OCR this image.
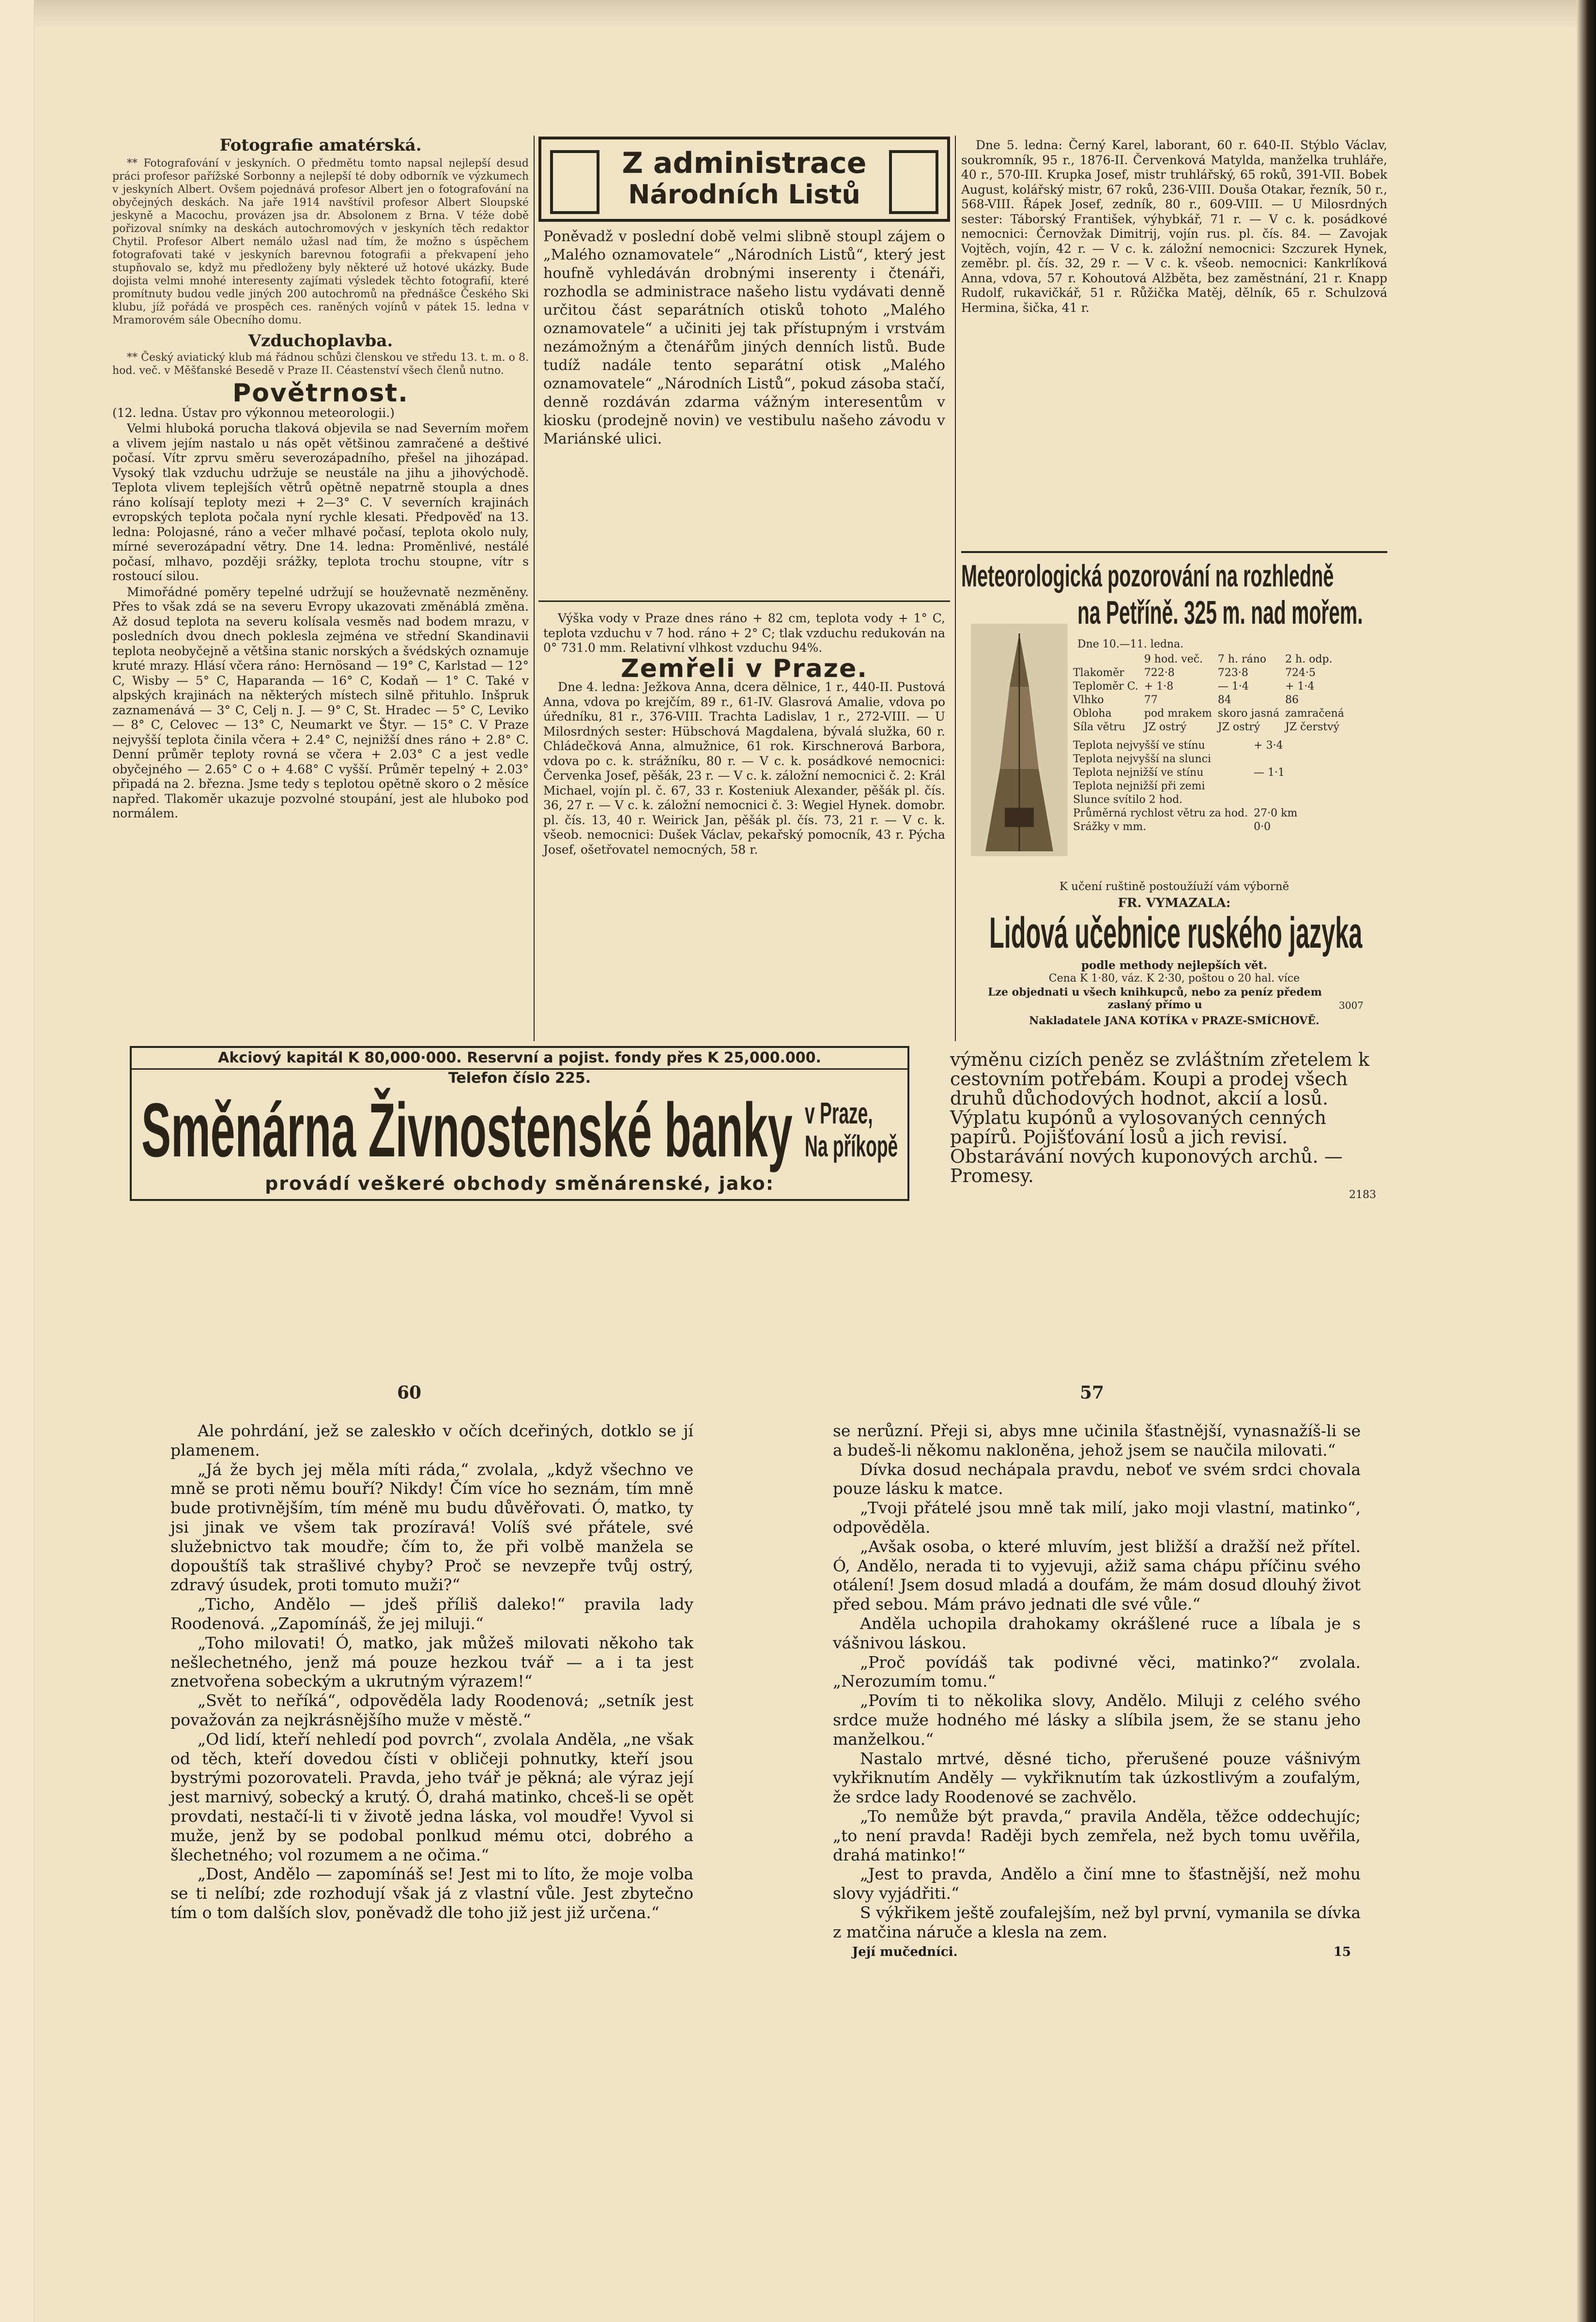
Fotografie amatérská.
** Fotografování v jeskyních. O předmětu tomto napsal nejlepší desud práci profesor pařížské Sorbonny a nejlepší té doby odborník ve výzkumech v jeskyních Albert. Ovšem pojednává profesor Albert jen o fotografování na obyčejných deskách. Na jaře 1914 navštívil profesor Albert Sloupské jeskyně a Macochu, provázen jsa dr. Absolonem z Brna. V téže době pořizoval snímky na deskách autochromových v jeskyních těch redaktor Chytil. Profesor Albert nemálo užasl nad tím, že možno s úspěchem fotografovati také v jeskyních barevnou fotografii a překvapení jeho stupňovalo se, když mu předloženy byly některé už hotové ukázky. Bude dojista velmi mnohé interesenty zajímati výsledek těchto fotografií, které promítnuty budou vedle jiných 200 autochromů na přednášce Českého Ski klubu, jíž pořádá ve prospěch ces. raněných vojínů v pátek 15. ledna v Mramorovém sále Obecního domu.
Vzduchoplavba.
** Český aviatický klub má řádnou schůzi členskou ve středu 13. t. m. o 8. hod. več. v Měšťanské Besedě v Praze II. Céastenství všech členů nutno.
Povětrnost.

(12. ledna. Ústav pro výkonnou meteorologii.)

Velmi hluboká porucha tlaková objevila se nad Severním mořem a vlivem jejím nastalo u nás opět většinou zamračené a deštivé počasí. Vítr zprvu směru severozápadního, přešel na jihozápad. Vysoký tlak vzduchu udržuje se neustále na jihu a jihovýchodě. Teplota vlivem teplejších větrů opětně nepatrně stoupla a dnes ráno kolísají teploty mezi + 2—3° C. V severních krajinách evropských teplota počala nyní rychle klesati. Předpověď na 13. ledna: Polojasné, ráno a večer mlhavé počasí, teplota okolo nuly, mírné severozápadní větry. Dne 14. ledna: Proměnlivé, nestálé počasí, mlhavo, později srážky, teplota trochu stoupne, vítr s rostoucí silou.

Mimořádné poměry tepelné udržují se houževnatě nezměněny. Přes to však zdá se na severu Evropy ukazovati změnáblá změna. Až dosud teplota na severu kolísala vesměs nad bodem mrazu, v posledních dvou dnech poklesla zejména ve střední Skandinavii teplota neobyčejně a většina stanic norských a švédských oznamuje kruté mrazy. Hlásí včera ráno: Hernösand — 19° C, Karlstad — 12° C, Wisby — 5° C, Haparanda — 16° C, Kodaň — 1° C. Také v alpských krajinách na některých místech silně přituhlo. Inšpruk zaznamenává — 3° C, Celj n. J. — 9° C, St. Hradec — 5° C, Leviko — 8° C, Celovec — 13° C, Neumarkt ve Štyr. — 15° C. V Praze nejvyšší teplota činila včera + 2.4° C, nejnižší dnes ráno + 2.8° C. Denní průměr teploty rovná se včera + 2.03° C a jest vedle obyčejného — 2.65° C o + 4.68° C vyšší. Průměr tepelný + 2.03° připadá na 2. března. Jsme tedy s teplotou opětně skoro o 2 měsíce napřed. Tlakoměr ukazuje pozvolné stoupání, jest ale hluboko pod normálem.

Z administrace
Národních Listů

Poněvadž v poslední době velmi slibně stoupl zájem o „Malého oznamovatele“ „Národních Listů“, který jest houfně vyhledáván drobnými inserenty i čtenáři, rozhodla se administrace našeho listu vydávati denně určitou část separátních otisků tohoto „Malého oznamovatele“ a učiniti jej tak přístupným i vrstvám nezámožným a čtenářům jiných denních listů. Bude tudíž nadále tento separátní otisk „Malého oznamovatele“ „Národních Listů“, pokud zásoba stačí, denně rozdáván zdarma vážným interesentům v kiosku (prodejně novin) ve vestibulu našeho závodu v Mariánské ulici.

Výška vody v Praze dnes ráno + 82 cm, teplota vody + 1° C, teplota vzduchu v 7 hod. ráno + 2° C; tlak vzduchu redukován na 0° 731.0 mm. Relativní vlhkost vzduchu 94%.

Zemřeli v Praze.

Dne 4. ledna: Ježkova Anna, dcera dělnice, 1 r., 440-II. Pustová Anna, vdova po krejčím, 89 r., 61-IV. Glasrová Amalie, vdova po úředníku, 81 r., 376-VIII. Trachta Ladislav, 1 r., 272-VIII. — U Milosrdných sester: Hübschová Magdalena, bývalá služka, 60 r. Chládečková Anna, almužnice, 61 rok. Kirschnerová Barbora, vdova po c. k. strážníku, 80 r. — V c. k. posádkové nemocnici: Červenka Josef, pěšák, 23 r. — V c. k. záložní nemocnici č. 2: Král Michael, vojín pl. č. 67, 33 r. Kosteniuk Alexander, pěšák pl. čís. 36, 27 r. — V c. k. záložní nemocnici č. 3: Wegiel Hynek. domobr. pl. čís. 13, 40 r. Weirick Jan, pěšák pl. čís. 73, 21 r. — V c. k. všeob. nemocnici: Dušek Václav, pekařský pomocník, 43 r. Pýcha Josef, ošetřovatel nemocných, 58 r.

Dne 5. ledna: Černý Karel, laborant, 60 r. 640-II. Stýblo Václav, soukromník, 95 r., 1876-II. Červenková Matylda, manželka truhláře, 40 r., 570-III. Krupka Josef, mistr truhlářský, 65 roků, 391-VII. Bobek August, kolářský mistr, 67 roků, 236-VIII. Douša Otakar, řezník, 50 r., 568-VIII. Řápek Josef, zedník, 80 r., 609-VIII. — U Milosrdných sester: Táborský František, výhybkář, 71 r. — V c. k. posádkové nemocnici: Černovžak Dimitrij, vojín rus. pl. čís. 84. — Zavojak Vojtěch, vojín, 42 r. — V c. k. záložní nemocnici: Szczurek Hynek, zeměbr. pl. čís. 32, 29 r. — V c. k. všeob. nemocnici: Kankrlíková Anna, vdova, 57 r. Kohoutová Alžběta, bez zaměstnání, 21 r. Knapp Rudolf, rukavičkář, 51 r. Růžička Matěj, dělník, 65 r. Schulzová Hermina, šička, 41 r.

Meteorologická pozorování na rozhledně
na Petříně. 325 m. nad mořem.
Dne 10.—11. ledna.
	9 hod. več.	7 h. ráno	2 h. odp.
Tlakoměr	722·8	723·8	724·5
Teploměr C.	+ 1·8	— 1·4	+ 1·4
Vlhko	77	84	86
Obloha	pod mrakem	skoro jasná	zamračená
Síla větru	JZ ostrý	JZ ostrý	JZ čerstvý
Teplota nejvyšší ve stínu	+ 3·4
Teplota nejvyšší na slunci	
Teplota nejnižší ve stínu	— 1·1
Teplota nejnižší při zemi	
Slunce svítilo 2 hod.	
Průměrná rychlost větru za hod.	27·0 km
Srážky v mm.	0·0
K učení ruštině postoužíuží vám výborně
FR. VYMAZALA:
Lidová učebnice ruského jazyka
podle methody nejlepších vět.
Cena K 1·80, váz. K 2·30, poštou o 20 hal. více
Lze objednati u všech knihkupců, nebo za peníz předem zaslaný přímo u	3007
Nakladatele JANA KOTÍKA v PRAZE-SMÍCHOVĚ.
Akciový kapitál K 80,000·000. Reservní a pojist. fondy přes K 25,000.000.
Telefon číslo 225.
Směnárna Živnostenské banky v Praze,
Na příkopě
provádí veškeré obchody směnárenské, jako:
výměnu cizích peněz se zvláštním zřetelem k cestovním potřebám. Koupi a prodej všech druhů důchodových hodnot, akcií a losů. Výplatu kupónů a vylosovaných cenných papírů. Pojišťování losů a jich revisí. Obstarávání nových kuponových archů. — Promesy.
2183
60	57

Ale pohrdání, jež se zaleskło v očích dceřiných, dotklo se jí plamenem.

„Já že bych jej měla míti ráda,“ zvolala, „když všechno ve mně se proti němu bouří? Nikdy! Čím více ho seznám, tím mně bude protivnějším, tím méně mu budu důvěřovati. Ó, matko, ty jsi jinak ve všem tak prozíravá! Volíš své přátele, své služebnictvo tak moudře; čím to, že při volbě manžela se dopouštíš tak strašlivé chyby? Proč se nevzepře tvůj ostrý, zdravý úsudek, proti tomuto muži?“

„Ticho, Andělo — jdeš příliš daleko!“ pravila lady Roodenová. „Zapomínáš, že jej miluji.“

„Toho milovati! Ó, matko, jak můžeš milovati někoho tak nešlechetného, jenž má pouze hezkou tvář — a i ta jest znetvořena sobeckým a ukrutným výrazem!“

„Svět to neříká“, odpověděla lady Roodenová; „setník jest považován za nejkrásnějšího muže v městě.“

„Od lidí, kteří nehledí pod povrch“, zvolala Anděla, „ne však od těch, kteří dovedou čísti v obličeji pohnutky, kteří jsou bystrými pozorovateli. Pravda, jeho tvář je pěkná; ale výraz její jest marnivý, sobecký a krutý. Ó, drahá matinko, chceš-li se opět provdati, nestačí-li ti v životě jedna láska, vol moudře! Vyvol si muže, jenž by se podobal ponlkud mému otci, dobrého a šlechetného; vol rozumem a ne očima.“

„Dost, Andělo — zapomínáš se! Jest mi to líto, že moje volba se ti nelíbí; zde rozhodují však já z vlastní vůle. Jest zbytečno tím o tom dalších slov, poněvadž dle toho již jest již určena.“

se nerůzní. Přeji si, abys mne učinila šťastnější, vynasnažíš-li se a budeš-li někomu nakloněna, jehož jsem se naučila milovati.“

Dívka dosud nechápala pravdu, neboť ve svém srdci chovala pouze lásku k matce.

„Tvoji přátelé jsou mně tak milí, jako moji vlastní, matinko“, odpověděla.

„Avšak osoba, o které mluvím, jest bližší a dražší než přítel. Ó, Andělo, nerada ti to vyjevuji, ažiž sama chápu příčinu svého otálení! Jsem dosud mladá a doufám, že mám dosud dlouhý život před sebou. Mám právo jednati dle své vůle.“

Anděla uchopila drahokamy okrášlené ruce a líbala je s vášnivou láskou.

„Proč povídáš tak podivné věci, matinko?“ zvolala. „Nerozumím tomu.“

„Povím ti to několika slovy, Andělo. Miluji z celého svého srdce muže hodného mé lásky a slíbila jsem, že se stanu jeho manželkou.“

Nastalo mrtvé, děsné ticho, přerušené pouze vášnivým vykřiknutím Anděly — vykřiknutím tak úzkostlivým a zoufalým, že srdce lady Roodenové se zachvělo.

„To nemůže být pravda,“ pravila Anděla, těžce oddechujíc; „to není pravda! Raději bych zemřela, než bych tomu uvěřila, drahá matinko!“

„Jest to pravda, Andělo a činí mne to šťastnější, než mohu slovy vyjádřiti.“

S výkřikem ještě zoufalejším, než byl první, vymanila se dívka z matčina náruče a klesla na zem.

Její mučedníci.	15
